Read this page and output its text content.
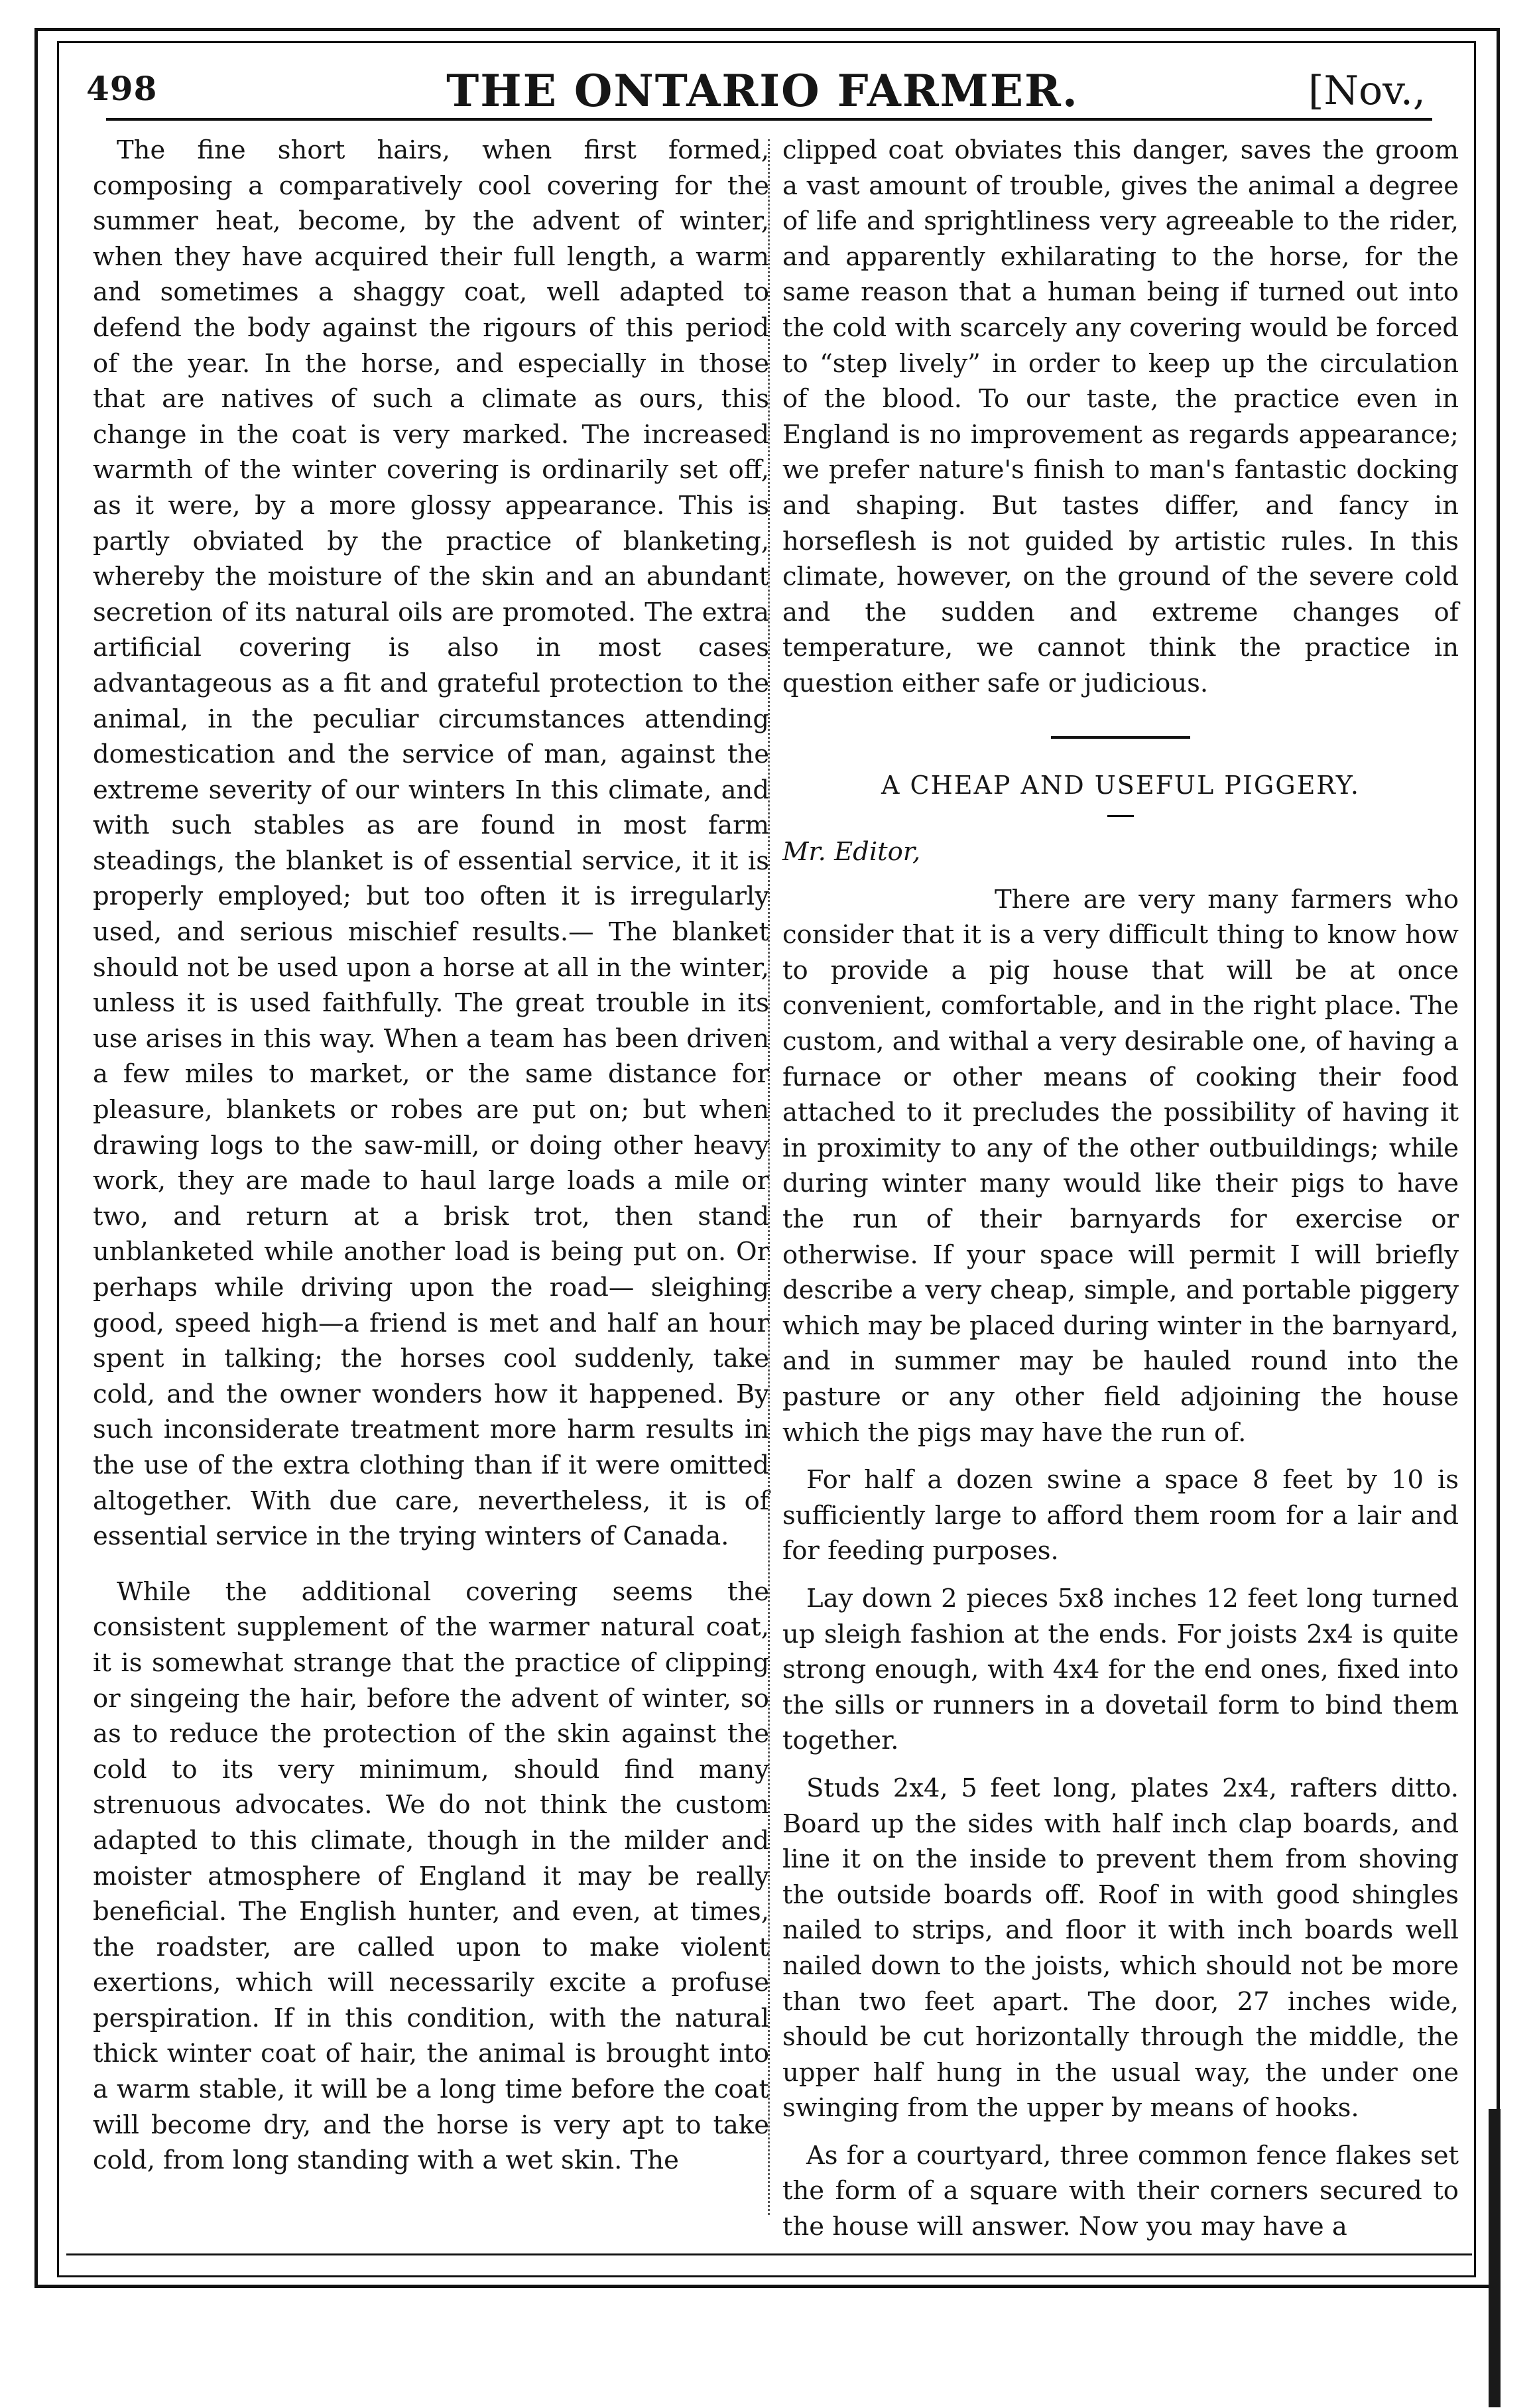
498	THE ONTARIO FARMER.	[Nov.,

The fine short hairs, when first formed, composing a comparatively cool covering for the summer heat, become, by the advent of winter, when they have acquired their full length, a warm and sometimes a shaggy coat, well adapted to defend the body against the rigours of this period of the year. In the horse, and especially in those that are natives of such a climate as ours, this change in the coat is very marked. The increased warmth of the winter covering is ordinarily set off, as it were, by a more glossy appearance. This is partly obviated by the practice of blanketing, whereby the moisture of the skin and an abundant secretion of its natural oils are promoted. The extra artificial covering is also in most cases advantageous as a fit and grateful protection to the animal, in the peculiar circumstances attending domestication and the service of man, against the extreme severity of our winters In this climate, and with such stables as are found in most farm steadings, the blanket is of essential service, it it is properly employed; but too often it is irregularly used, and serious mischief results.— The blanket should not be used upon a horse at all in the winter, unless it is used faithfully. The great trouble in its use arises in this way. When a team has been driven a few miles to market, or the same distance for pleasure, blankets or robes are put on; but when drawing logs to the saw-mill, or doing other heavy work, they are made to haul large loads a mile or two, and return at a brisk trot, then stand unblanketed while another load is being put on. Or perhaps while driving upon the road— sleighing good, speed high—a friend is met and half an hour spent in talking; the horses cool suddenly, take cold, and the owner wonders how it happened. By such inconsiderate treatment more harm results in the use of the extra clothing than if it were omitted altogether. With due care, nevertheless, it is of essential service in the trying winters of Canada.

While the additional covering seems the consistent supplement of the warmer natural coat, it is somewhat strange that the practice of clipping or singeing the hair, before the advent of winter, so as to reduce the protection of the skin against the cold to its very minimum, should find many strenuous advocates. We do not think the custom adapted to this climate, though in the milder and moister atmosphere of England it may be really beneficial. The English hunter, and even, at times, the roadster, are called upon to make violent exertions, which will necessarily excite a profuse perspiration. If in this condition, with the natural thick winter coat of hair, the animal is brought into a warm stable, it will be a long time before the coat will become dry, and the horse is very apt to take cold, from long standing with a wet skin. The

clipped coat obviates this danger, saves the groom a vast amount of trouble, gives the animal a degree of life and sprightliness very agreeable to the rider, and apparently exhilarating to the horse, for the same reason that a human being if turned out into the cold with scarcely any covering would be forced to “step lively” in order to keep up the circulation of the blood. To our taste, the practice even in England is no improvement as regards appearance; we prefer nature's finish to man's fantastic docking and shaping. But tastes differ, and fancy in horseflesh is not guided by artistic rules. In this climate, however, on the ground of the severe cold and the sudden and extreme changes of temperature, we cannot think the practice in question either safe or judicious.

A CHEAP AND USEFUL PIGGERY.

Mr. Editor,

There are very many farmers who consider that it is a very difficult thing to know how to provide a pig house that will be at once convenient, comfortable, and in the right place. The custom, and withal a very desirable one, of having a furnace or other means of cooking their food attached to it precludes the possibility of having it in proximity to any of the other outbuildings; while during winter many would like their pigs to have the run of their barnyards for exercise or otherwise. If your space will permit I will briefly describe a very cheap, simple, and portable piggery which may be placed during winter in the barnyard, and in summer may be hauled round into the pasture or any other field adjoining the house which the pigs may have the run of.

For half a dozen swine a space 8 feet by 10 is sufficiently large to afford them room for a lair and for feeding purposes.

Lay down 2 pieces 5x8 inches 12 feet long turned up sleigh fashion at the ends. For joists 2x4 is quite strong enough, with 4x4 for the end ones, fixed into the sills or runners in a dovetail form to bind them together.

Studs 2x4, 5 feet long, plates 2x4, rafters ditto. Board up the sides with half inch clap boards, and line it on the inside to prevent them from shoving the outside boards off. Roof in with good shingles nailed to strips, and floor it with inch boards well nailed down to the joists, which should not be more than two feet apart. The door, 27 inches wide, should be cut horizontally through the middle, the upper half hung in the usual way, the under one swinging from the upper by means of hooks.

As for a courtyard, three common fence flakes set the form of a square with their corners secured to the house will answer. Now you may have a
